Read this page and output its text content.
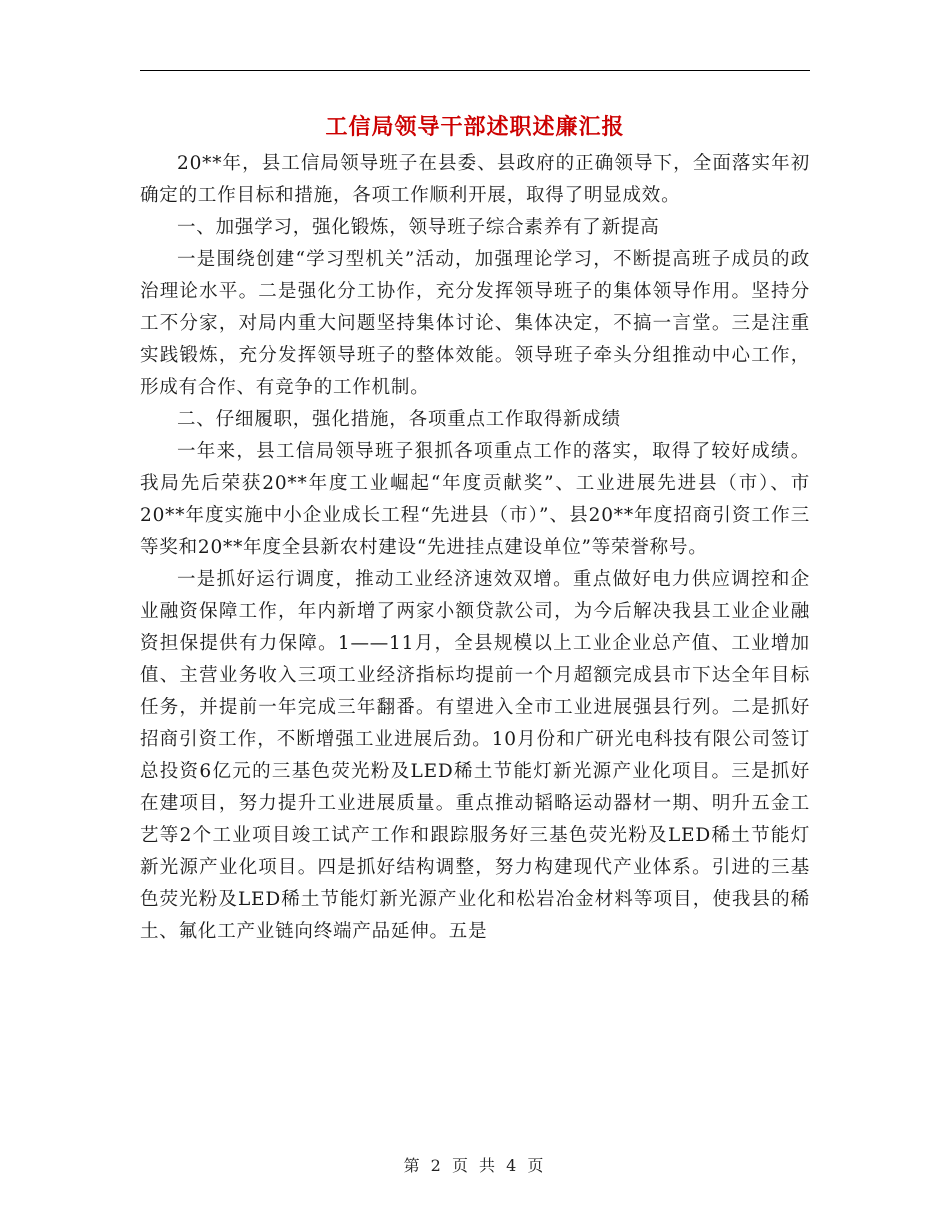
工信局领导干部述职述廉汇报

20**年，县工信局领导班子在县委、县政府的正确领导下，全面落实年初确定的工作目标和措施，各项工作顺利开展，取得了明显成效。

一、加强学习，强化锻炼，领导班子综合素养有了新提高

一是围绕创建“学习型机关”活动，加强理论学习，不断提高班子成员的政治理论水平。二是强化分工协作，充分发挥领导班子的集体领导作用。坚持分工不分家，对局内重大问题坚持集体讨论、集体决定，不搞一言堂。三是注重实践锻炼，充分发挥领导班子的整体效能。领导班子牵头分组推动中心工作，形成有合作、有竞争的工作机制。

二、仔细履职，强化措施，各项重点工作取得新成绩

一年来，县工信局领导班子狠抓各项重点工作的落实，取得了较好成绩。我局先后荣获20**年度工业崛起“年度贡献奖”、工业进展先进县（市）、市20**年度实施中小企业成长工程“先进县（市）”、县20**年度招商引资工作三等奖和20**年度全县新农村建设“先进挂点建设单位”等荣誉称号。

一是抓好运行调度，推动工业经济速效双增。重点做好电力供应调控和企业融资保障工作，年内新增了两家小额贷款公司，为今后解决我县工业企业融资担保提供有力保障。1——11月，全县规模以上工业企业总产值、工业增加值、主营业务收入三项工业经济指标均提前一个月超额完成县市下达全年目标任务，并提前一年完成三年翻番。有望进入全市工业进展强县行列。二是抓好招商引资工作，不断增强工业进展后劲。10月份和广研光电科技有限公司签订总投资6亿元的三基色荧光粉及LED稀土节能灯新光源产业化项目。三是抓好在建项目，努力提升工业进展质量。重点推动韬略运动器材一期、明升五金工艺等2个工业项目竣工试产工作和跟踪服务好三基色荧光粉及LED稀土节能灯新光源产业化项目。四是抓好结构调整，努力构建现代产业体系。引进的三基色荧光粉及LED稀土节能灯新光源产业化和松岩冶金材料等项目，使我县的稀土、氟化工产业链向终端产品延伸。五是

第 2 页 共 4 页
